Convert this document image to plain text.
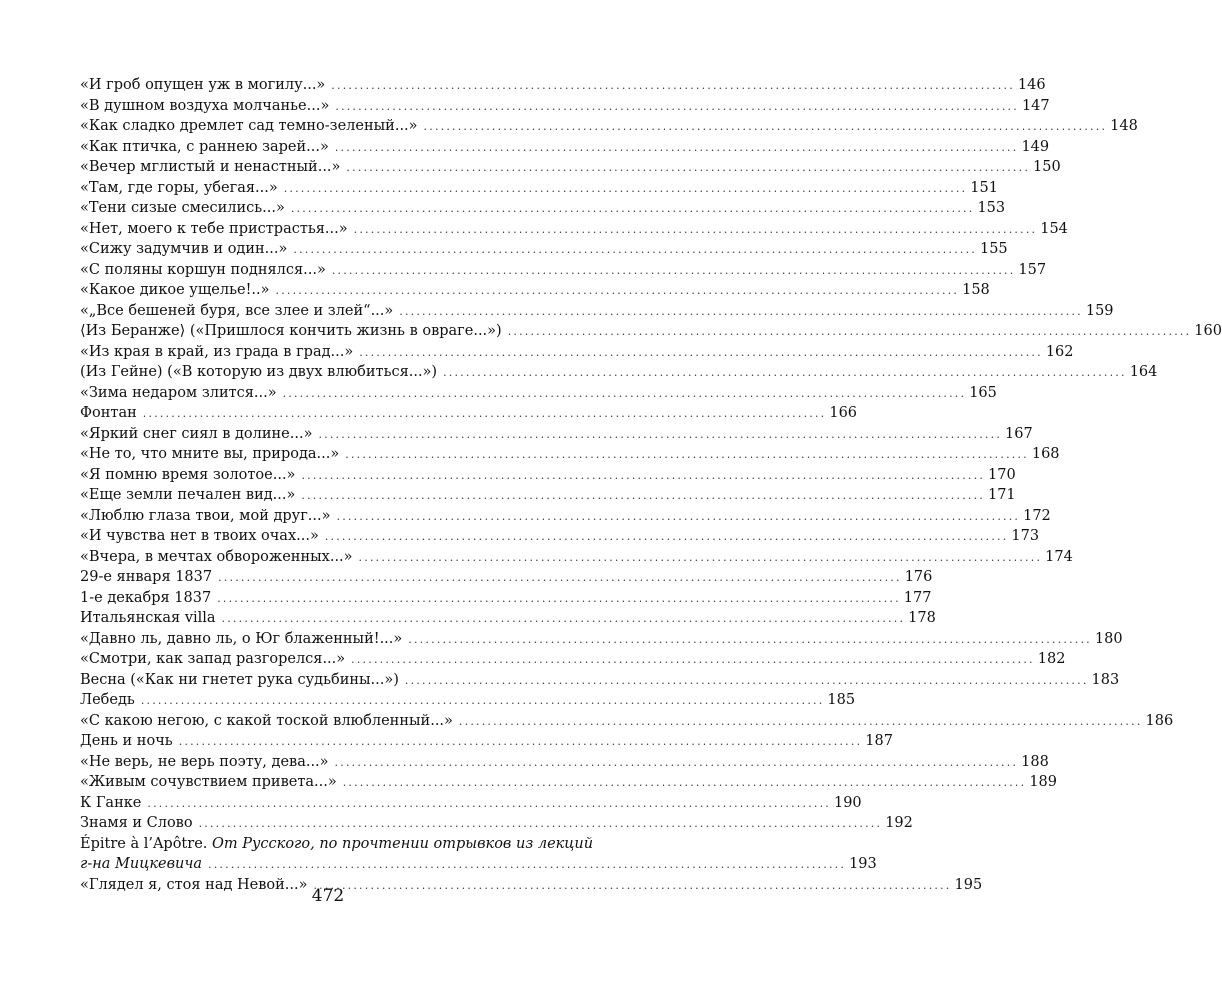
«И гроб опущен уж в могилу...» ........................................................................................................................ 146
«В душном воздуха молчанье...» ........................................................................................................................ 147
«Как сладко дремлет сад темно-зеленый...» ........................................................................................................................ 148
«Как птичка, с раннею зарей...» ........................................................................................................................ 149
«Вечер мглистый и ненастный...» ........................................................................................................................ 150
«Там, где горы, убегая...» ........................................................................................................................ 151
«Тени сизые смесились...» ........................................................................................................................ 153
«Нет, моего к тебе пристрастья...» ........................................................................................................................ 154
«Сижу задумчив и один...» ........................................................................................................................ 155
«С поляны коршун поднялся...» ........................................................................................................................ 157
«Какое дикое ущелье!..» ........................................................................................................................ 158
«„Все бешеней буря, все злее и злей“...» ........................................................................................................................ 159
⟨Из Беранже⟩ («Пришлося кончить жизнь в овраге...») ........................................................................................................................ 160
«Из края в край, из града в град...» ........................................................................................................................ 162
(Из Гейне) («В которую из двух влюбиться...») ........................................................................................................................ 164
«Зима недаром злится...» ........................................................................................................................ 165
Фонтан ........................................................................................................................ 166
«Яркий снег сиял в долине...» ........................................................................................................................ 167
«Не то, что мните вы, природа...» ........................................................................................................................ 168
«Я помню время золотое...» ........................................................................................................................ 170
«Еще земли печален вид...» ........................................................................................................................ 171
«Люблю глаза твои, мой друг...» ........................................................................................................................ 172
«И чувства нет в твоих очах...» ........................................................................................................................ 173
«Вчера, в мечтах обвороженных...» ........................................................................................................................ 174
29-е января 1837 ........................................................................................................................ 176
1-е декабря 1837 ........................................................................................................................ 177
Итальянская villa ........................................................................................................................ 178
«Давно ль, давно ль, о Юг блаженный!...» ........................................................................................................................ 180
«Смотри, как запад разгорелся...» ........................................................................................................................ 182
Весна («Как ни гнетет рука судьбины...») ........................................................................................................................ 183
Лебедь ........................................................................................................................ 185
«С какою негою, с какой тоской влюбленный...» ........................................................................................................................ 186
День и ночь ........................................................................................................................ 187
«Не верь, не верь поэту, дева...» ........................................................................................................................ 188
«Живым сочувствием привета...» ........................................................................................................................ 189
К Ганке ........................................................................................................................ 190
Знамя и Слово ........................................................................................................................ 192
Épitre à l’Apôtre. От Русского, по прочтении отрывков из лекций
г-на Мицкевича ................................................................................................................ 193
«Глядел я, стоя над Невой...» ................................................................................................................ 195
472
